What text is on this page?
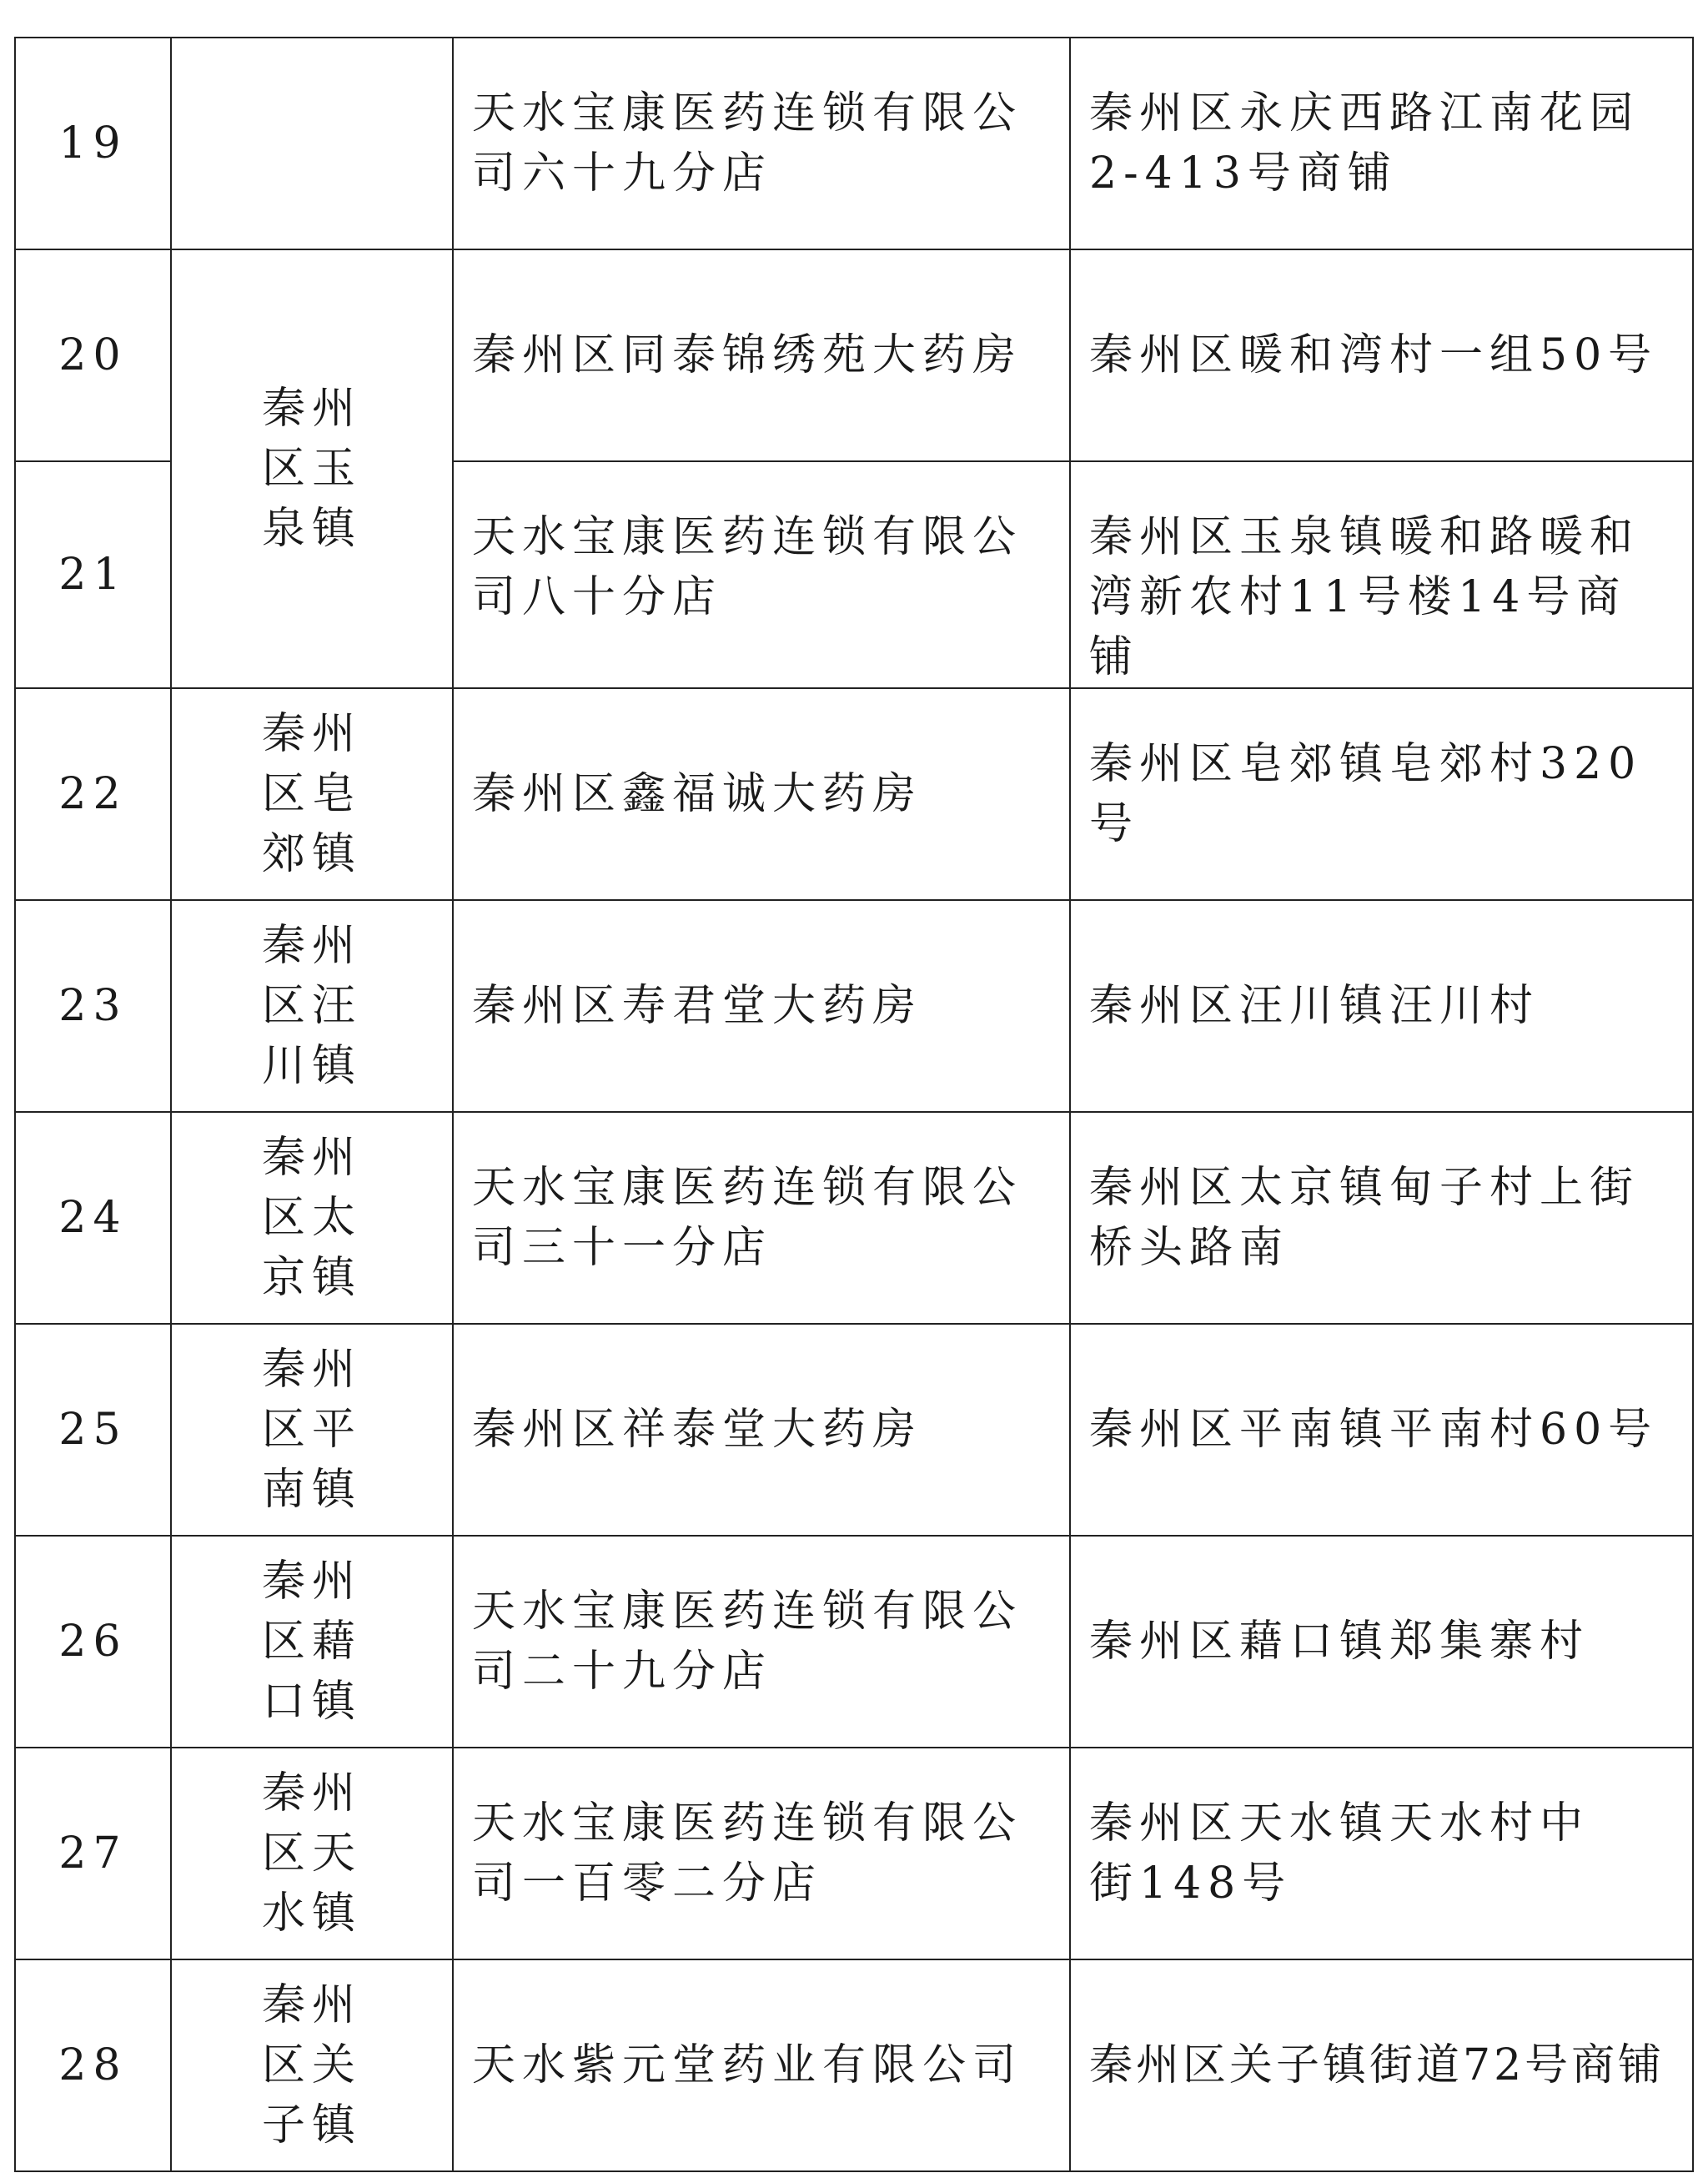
19		天水宝康医药连锁有限公司六十九分店	秦州区永庆西路江南花园2-413号商铺
20	秦州区玉泉镇	秦州区同泰锦绣苑大药房	秦州区暖和湾村一组50号
21		天水宝康医药连锁有限公司八十分店	秦州区玉泉镇暖和路暖和湾新农村11号楼14号商铺
22	秦州区皂郊镇	秦州区鑫福诚大药房	秦州区皂郊镇皂郊村320号
23	秦州区汪川镇	秦州区寿君堂大药房	秦州区汪川镇汪川村
24	秦州区太京镇	天水宝康医药连锁有限公司三十一分店	秦州区太京镇甸子村上街桥头路南
25	秦州区平南镇	秦州区祥泰堂大药房	秦州区平南镇平南村60号
26	秦州区藉口镇	天水宝康医药连锁有限公司二十九分店	秦州区藉口镇郑集寨村
27	秦州区天水镇	天水宝康医药连锁有限公司一百零二分店	秦州区天水镇天水村中街148号
28	秦州区关子镇	天水紫元堂药业有限公司	秦州区关子镇街道72号商铺
